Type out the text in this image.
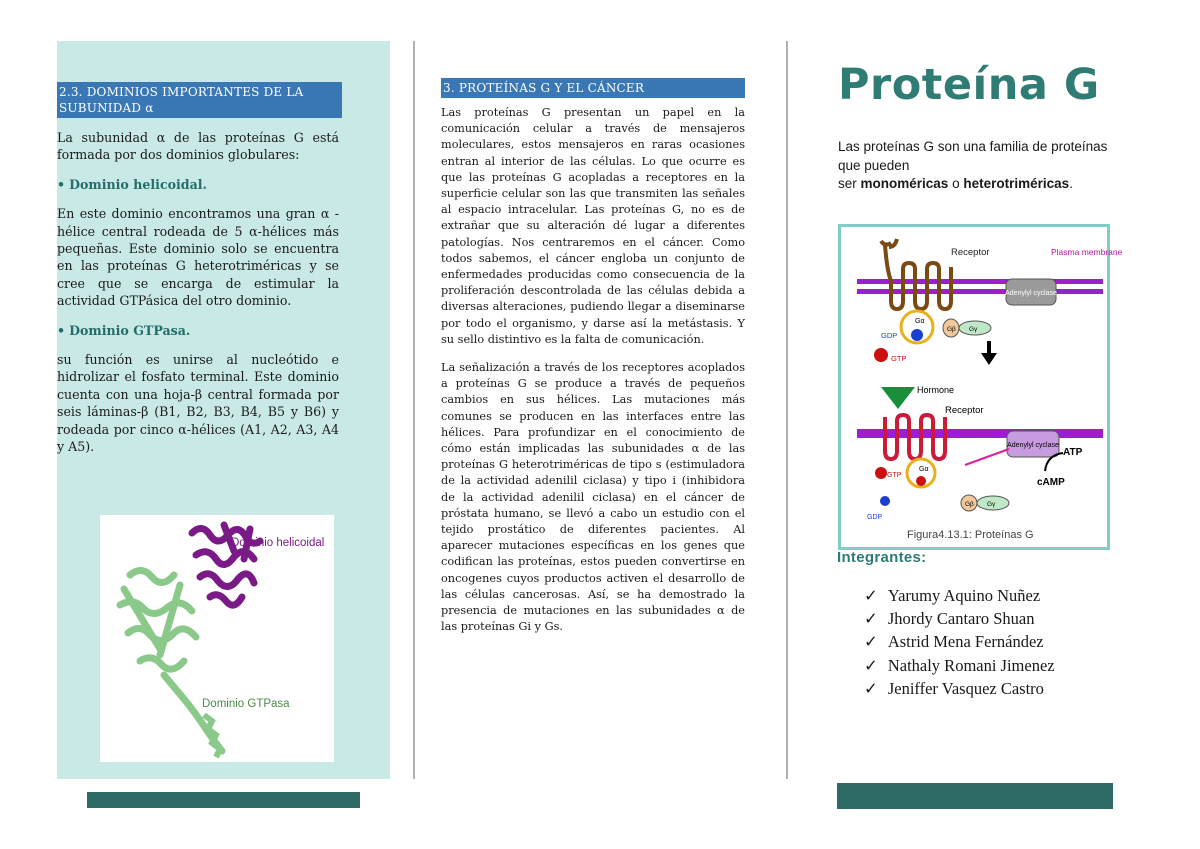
2.3. DOMINIOS IMPORTANTES DE LA
SUBUNIDAD α

La subunidad α de las proteínas G está formada por dos dominios globulares:

• Dominio helicoidal.

En este dominio encontramos una gran α -hélice central rodeada de 5 α-hélices más pequeñas. Este dominio solo se encuentra en las proteínas G heterotriméricas y se cree que se encarga de estimular la actividad GTPásica del otro dominio.

• Dominio GTPasa.

su función es unirse al nucleótido e hidrolizar el fosfato terminal. Este dominio cuenta con una hoja-β central formada por seis láminas-β (B1, B2, B3, B4, B5 y B6) y rodeada por cinco α-hélices (A1, A2, A3, A4 y A5).

Dominio helicoidal
Dominio GTPasa
3. PROTEÍNAS G Y EL CÁNCER

Las proteínas G presentan un papel en la comunicación celular a través de mensajeros moleculares, estos mensajeros en raras ocasiones entran al interior de las células. Lo que ocurre es que las proteínas G acopladas a receptores en la superficie celular son las que transmiten las señales al espacio intracelular. Las proteínas G, no es de extrañar que su alteración dé lugar a diferentes patologías. Nos centraremos en el cáncer. Como todos sabemos, el cáncer engloba un conjunto de enfermedades producidas como consecuencia de la proliferación descontrolada de las células debida a diversas alteraciones, pudiendo llegar a diseminarse por todo el organismo, y darse así la metástasis. Y su sello distintivo es la falta de comunicación.

La señalización a través de los receptores acoplados a proteínas G se produce a través de pequeños cambios en sus hélices. Las mutaciones más comunes se producen en las interfaces entre las hélices. Para profundizar en el conocimiento de cómo están implicadas las subunidades α de las proteínas G heterotriméricas de tipo s (estimuladora de la actividad adenilil ciclasa) y tipo i (inhibidora de la actividad adenilil ciclasa) en el cáncer de próstata humano, se llevó a cabo un estudio con el tejido prostático de diferentes pacientes. Al aparecer mutaciones específicas en los genes que codifican las proteínas, estos pueden convertirse en oncogenes cuyos productos activen el desarrollo de las células cancerosas. Así, se ha demostrado la presencia de mutaciones en las subunidades α de las proteínas Gi y Gs.

Proteína G
Las proteínas G son una familia de proteínas que pueden
ser monoméricas o heterotriméricas.
Receptor	Plasma membrane
Adenylyl cyclase
Gα
GDP
Gβ Gγ
GTP
Hormone
Receptor
Adenylyl cyclase
ATP
cAMP
Gα
GTP
GDP
Gβ Gγ
Figura4.13.1: Proteínas G
Integrantes:
✓ Yarumy Aquino Nuñez
✓ Jhordy Cantaro Shuan
✓ Astrid Mena Fernández
✓ Nathaly Romani Jimenez
✓ Jeniffer Vasquez Castro
